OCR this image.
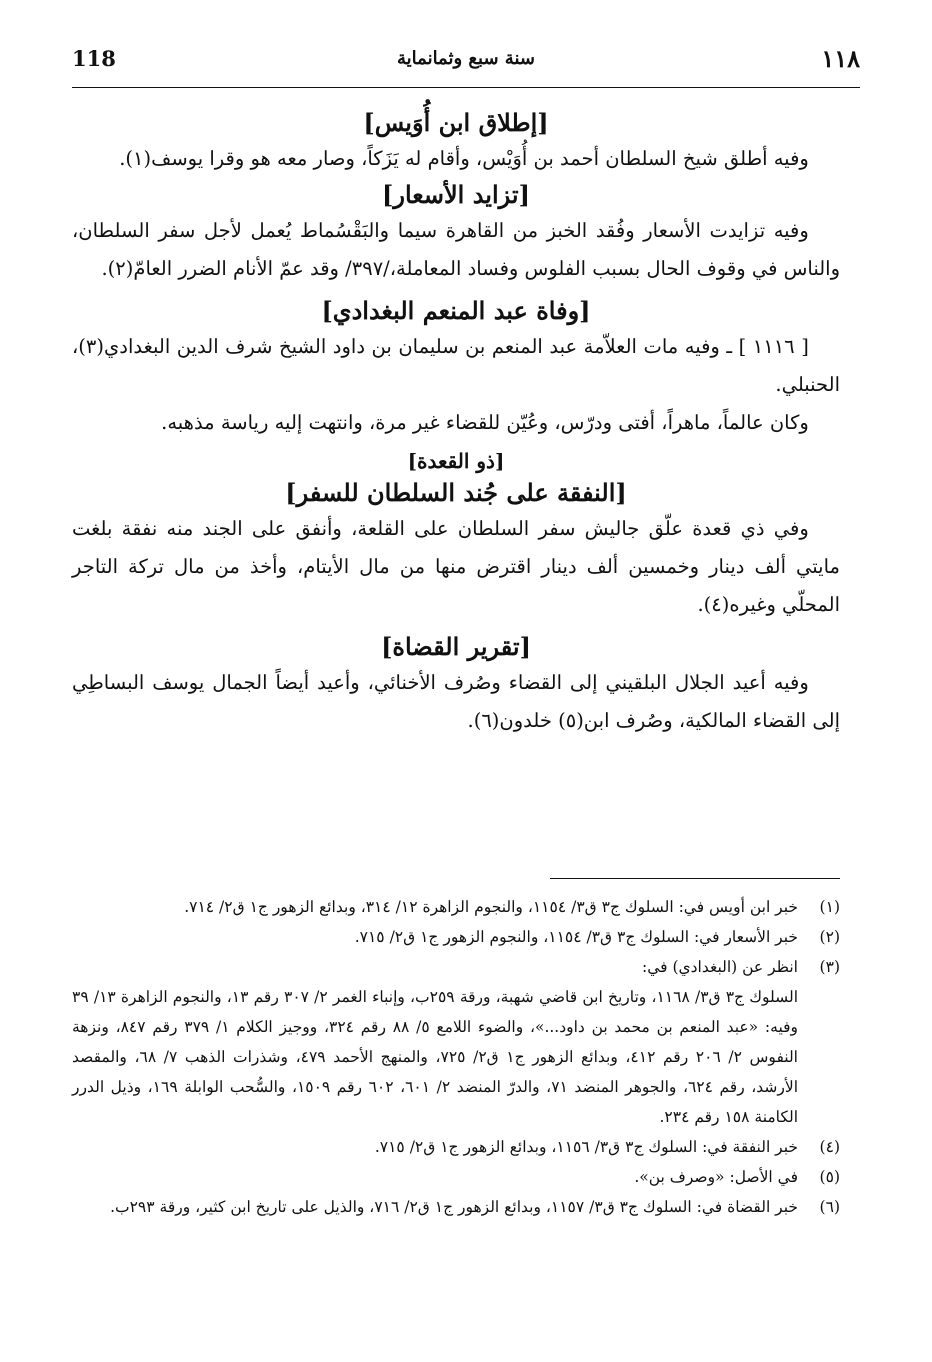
118	سنة سبع وثمانماية	١١٨

[إطلاق ابن أُوَيس]

وفيه أطلق شيخ السلطان أحمد بن أُوَيْس، وأقام له يَزَكاً، وصار معه هو وقرا يوسف(١).

[تزايد الأسعار]

وفيه تزايدت الأسعار وفُقد الخبز من القاهرة سيما والبَقْسُماط يُعمل لأجل سفر السلطان، والناس في وقوف الحال بسبب الفلوس وفساد المعاملة،/٣٩٧/ وقد عمّ الأنام الضرر العامّ(٢).

[وفاة عبد المنعم البغدادي]

[ ١١١٦ ] ـ وفيه مات العلاّمة عبد المنعم بن سليمان بن داود الشيخ شرف الدين البغدادي(٣)، الحنبلي.

وكان عالماً، ماهراً، أفتى ودرّس، وعُيّن للقضاء غير مرة، وانتهت إليه رياسة مذهبه.

[ذو القعدة]

[النفقة على جُند السلطان للسفر]

وفي ذي قعدة علّق جاليش سفر السلطان على القلعة، وأنفق على الجند منه نفقة بلغت مايتي ألف دينار وخمسين ألف دينار اقترض منها من مال الأيتام، وأخذ من مال تركة التاجر المحلّي وغيره(٤).

[تقرير القضاة]

وفيه أعيد الجلال البلقيني إلى القضاء وصُرف الأخنائي، وأعيد أيضاً الجمال يوسف البساطِي إلى القضاء المالكية، وصُرف ابن(٥) خلدون(٦).

(١)
خبر ابن أويس في: السلوك ج٣ ق٣/ ١١٥٤، والنجوم الزاهرة ١٢/ ٣١٤، وبدائع الزهور ج١ ق٢/ ٧١٤.

(٢)
خبر الأسعار في: السلوك ج٣ ق٣/ ١١٥٤، والنجوم الزهور ج١ ق٢/ ٧١٥.

(٣)
انظر عن (البغدادي) في:

السلوك ج٣ ق٣/ ١١٦٨، وتاريخ ابن قاضي شهبة، ورقة ٢٥٩ب، وإنباء الغمر ٢/ ٣٠٧ رقم ١٣، والنجوم الزاهرة ١٣/ ٣٩ وفيه: «عبد المنعم بن محمد بن داود...»، والضوء اللامع ٥/ ٨٨ رقم ٣٢٤، ووجيز الكلام ١/ ٣٧٩ رقم ٨٤٧، ونزهة النفوس ٢/ ٢٠٦ رقم ٤١٢، وبدائع الزهور ج١ ق٢/ ٧٢٥، والمنهج الأحمد ٤٧٩، وشذرات الذهب ٧/ ٦٨، والمقصد الأرشد، رقم ٦٢٤، والجوهر المنضد ٧١، والدرّ المنضد ٢/ ٦٠١، ٦٠٢ رقم ١٥٠٩، والسُّحب الوابلة ١٦٩، وذيل الدرر الكامنة ١٥٨ رقم ٢٣٤.

(٤)
خبر النفقة في: السلوك ج٣ ق٣/ ١١٥٦، وبدائع الزهور ج١ ق٢/ ٧١٥.

(٥)
في الأصل: «وصرف بن».

(٦)
خبر القضاة في: السلوك ج٣ ق٣/ ١١٥٧، وبدائع الزهور ج١ ق٢/ ٧١٦، والذيل على تاريخ ابن كثير، ورقة ٢٩٣ب.
